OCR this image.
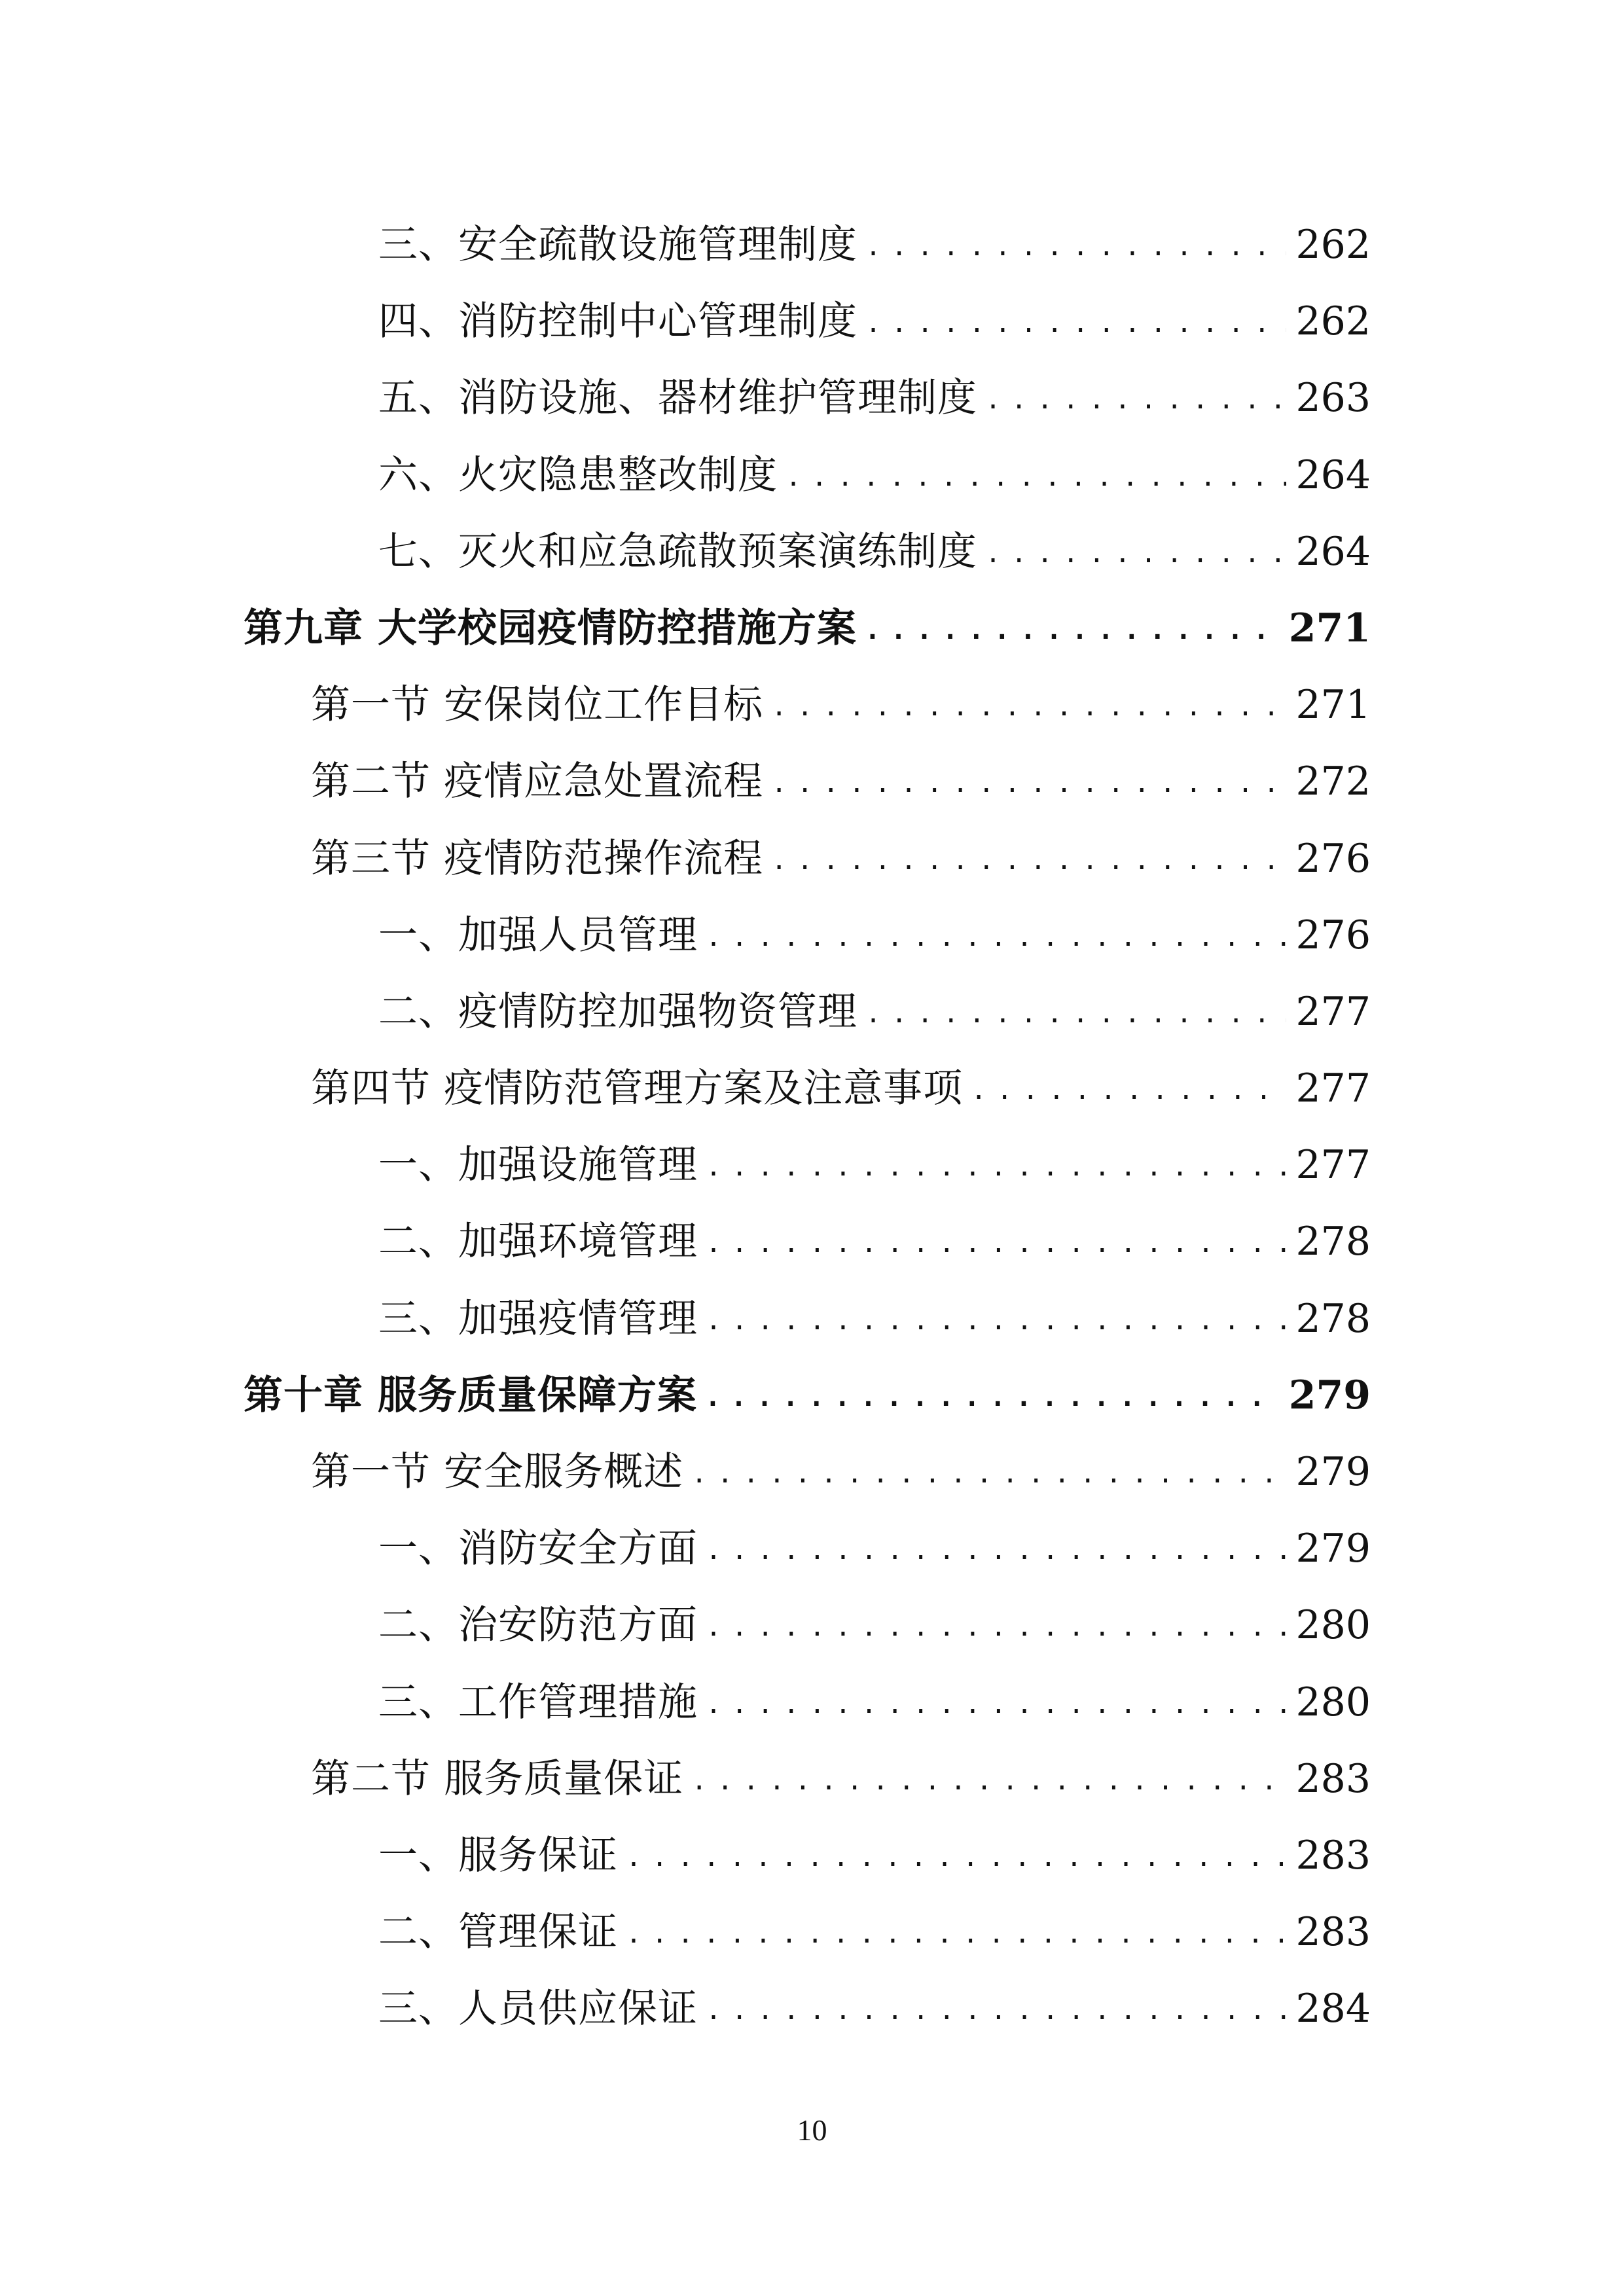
三、安全疏散设施管理制度 .....	262
四、消防控制中心管理制度 .....	262
五、消防设施、器材维护管理制度 .....	263
六、火灾隐患整改制度 .....	264
七、灭火和应急疏散预案演练制度 .....	264
第九章 大学校园疫情防控措施方案 .....	271
第一节 安保岗位工作目标 .....	271
第二节 疫情应急处置流程 .....	272
第三节 疫情防范操作流程 .....	276
一、加强人员管理 .....	276
二、疫情防控加强物资管理 .....	277
第四节 疫情防范管理方案及注意事项 .....	277
一、加强设施管理 .....	277
二、加强环境管理 .....	278
三、加强疫情管理 .....	278
第十章 服务质量保障方案 .....	279
第一节 安全服务概述 .....	279
一、消防安全方面 .....	279
二、治安防范方面 .....	280
三、工作管理措施 .....	280
第二节 服务质量保证 .....	283
一、服务保证 .....	283
二、管理保证 .....	283
三、人员供应保证 .....	284
10
